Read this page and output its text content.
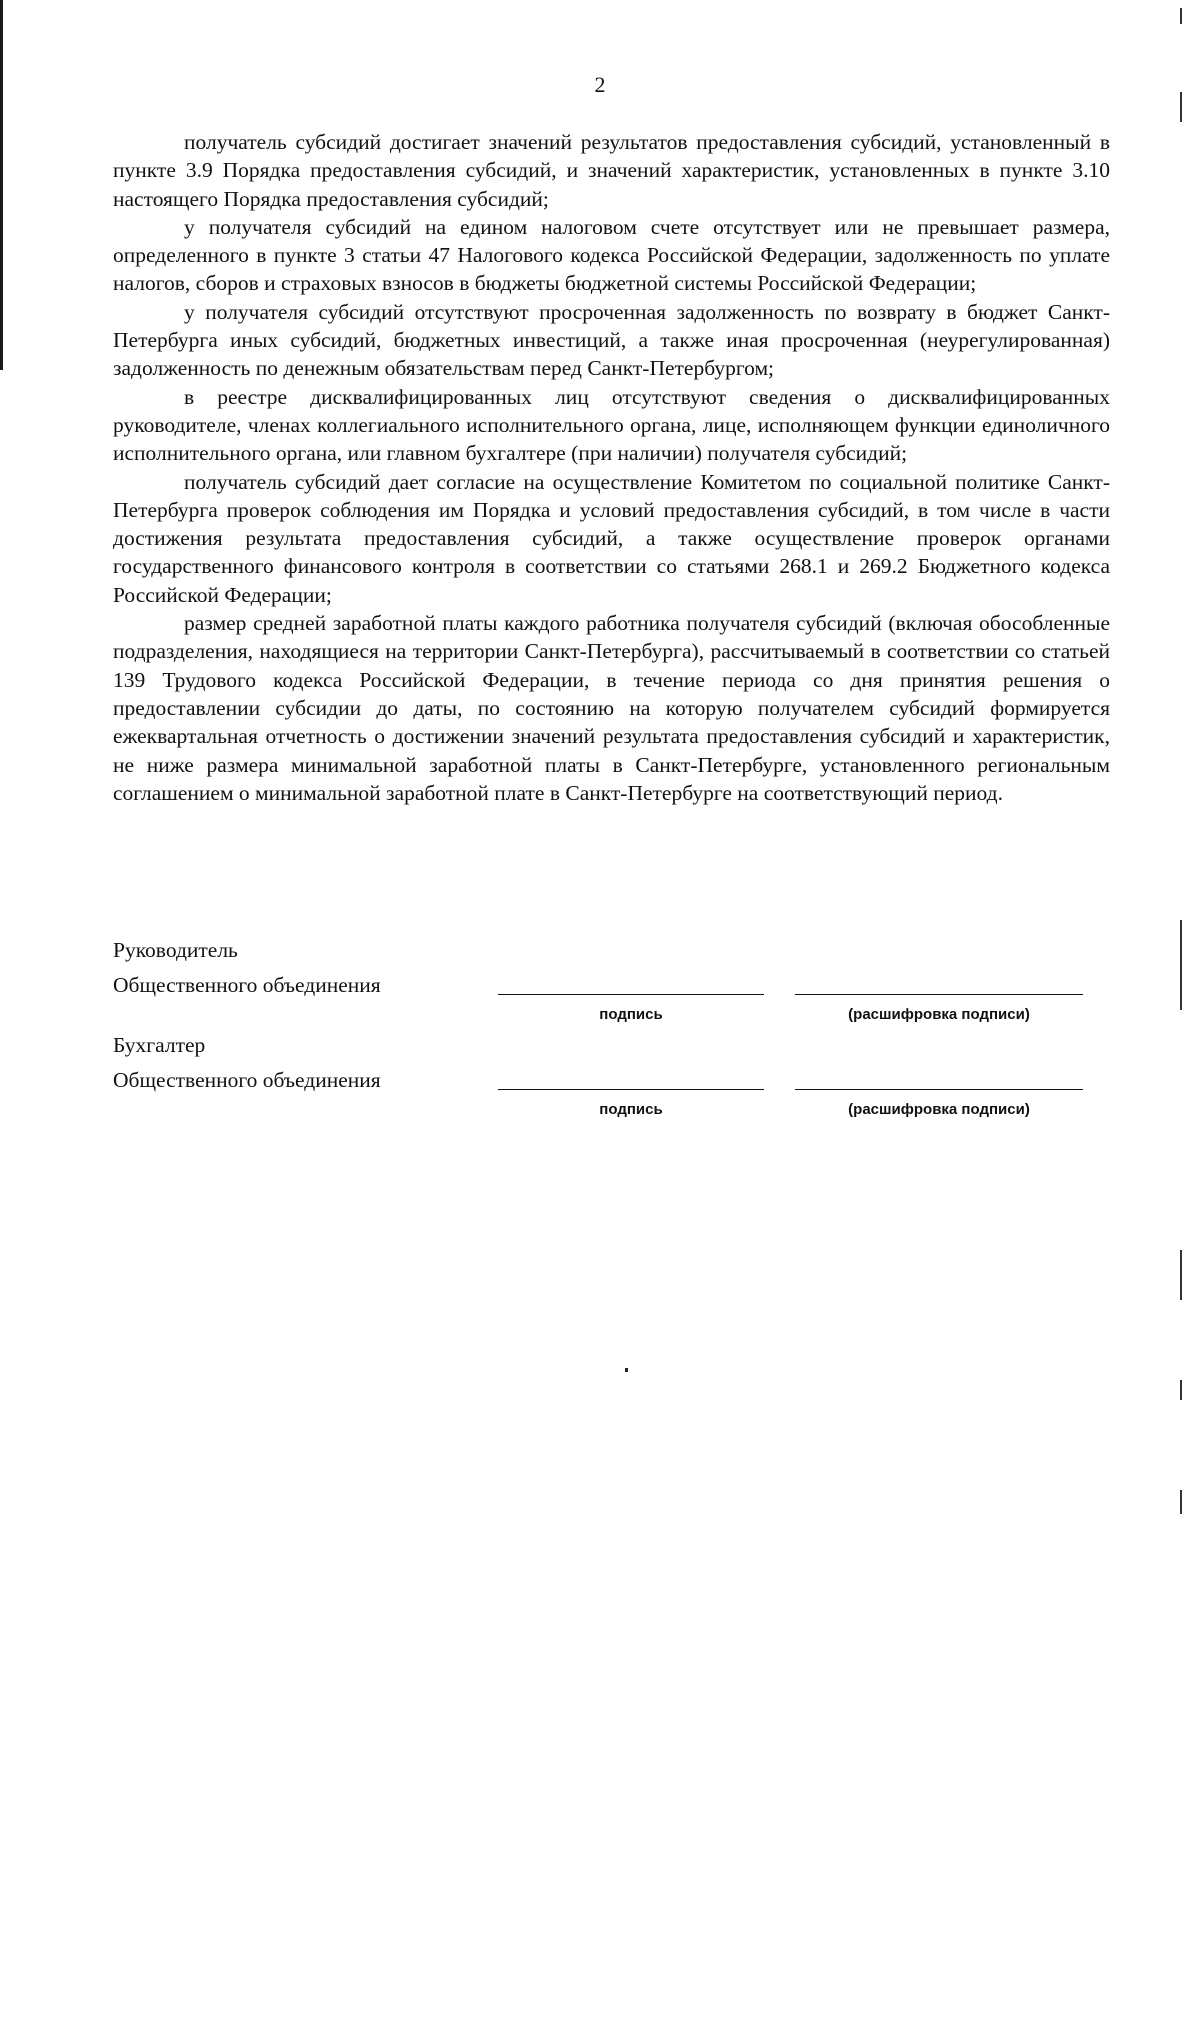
2

получатель субсидий достигает значений результатов предоставления субсидий, установленный в пункте 3.9 Порядка предоставления субсидий, и значений характеристик, установленных в пункте 3.10 настоящего Порядка предоставления субсидий;

у получателя субсидий на едином налоговом счете отсутствует или не превышает размера, определенного в пункте 3 статьи 47 Налогового кодекса Российской Федерации, задолженность по уплате налогов, сборов и страховых взносов в бюджеты бюджетной системы Российской Федерации;

у получателя субсидий отсутствуют просроченная задолженность по возврату в бюджет Санкт-Петербурга иных субсидий, бюджетных инвестиций, а также иная просроченная (неурегулированная) задолженность по денежным обязательствам перед Санкт-Петербургом;

в реестре дисквалифицированных лиц отсутствуют сведения о дисквалифицированных руководителе, членах коллегиального исполнительного органа, лице, исполняющем функции единоличного исполнительного органа, или главном бухгалтере (при наличии) получателя субсидий;

получатель субсидий дает согласие на осуществление Комитетом по социальной политике Санкт-Петербурга проверок соблюдения им Порядка и условий предоставления субсидий, в том числе в части достижения результата предоставления субсидий, а также осуществление проверок органами государственного финансового контроля в соответствии со статьями 268.1 и 269.2 Бюджетного кодекса Российской Федерации;

размер средней заработной платы каждого работника получателя субсидий (включая обособленные подразделения, находящиеся на территории Санкт-Петербурга), рассчитываемый в соответствии со статьей 139 Трудового кодекса Российской Федерации, в течение периода со дня принятия решения о предоставлении субсидии до даты, по состоянию на которую получателем субсидий формируется ежеквартальная отчетность о достижении значений результата предоставления субсидий и характеристик, не ниже размера минимальной заработной платы в Санкт-Петербурге, установленного региональным соглашением о минимальной заработной плате в Санкт-Петербурге на соответствующий период.

Руководитель
Общественного объединения
подпись	(расшифровка подписи)
Бухгалтер
Общественного объединения
подпись	(расшифровка подписи)
